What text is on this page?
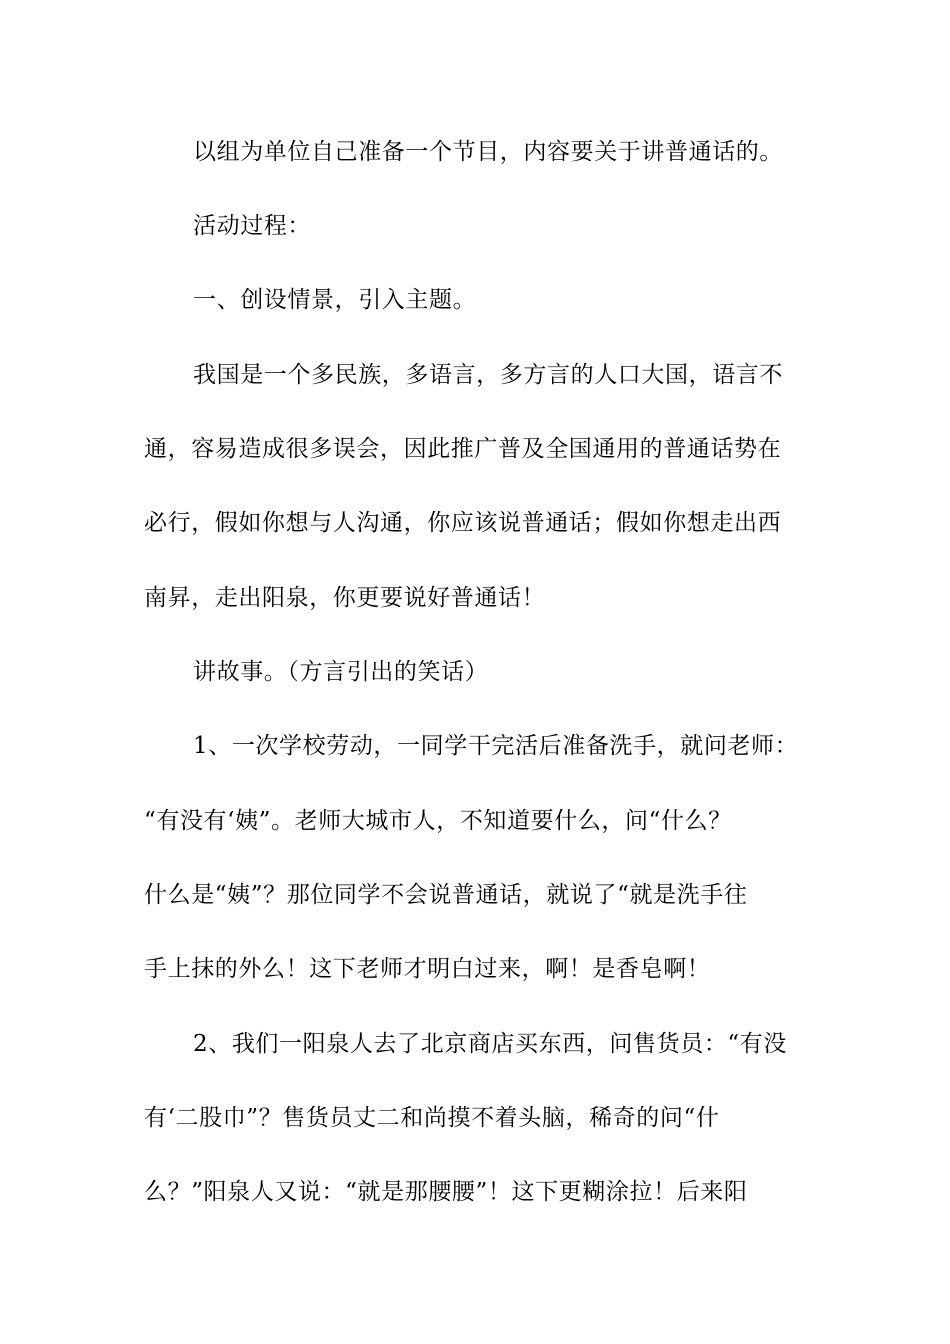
以组为单位自己准备一个节目，内容要关于讲普通话的。
活动过程：
一、创设情景，引入主题。
我国是一个多民族，多语言，多方言的人口大国，语言不
通，容易造成很多误会，因此推广普及全国通用的普通话势在
必行，假如你想与人沟通，你应该说普通话；假如你想走出西
南昇，走出阳泉，你更要说好普通话！
讲故事。（方言引出的笑话）
1、一次学校劳动，一同学干完活后准备洗手，就问老师：
“有没有‘姨”。老师大城市人，不知道要什么，问“什么？
什么是“姨”？那位同学不会说普通话，就说了“就是洗手往
手上抹的外么！这下老师才明白过来，啊！是香皂啊！
2、我们一阳泉人去了北京商店买东西，问售货员：“有没
有‘二股巾”？售货员丈二和尚摸不着头脑，稀奇的问“什
么？”阳泉人又说：“就是那腰腰”！这下更糊涂拉！后来阳
